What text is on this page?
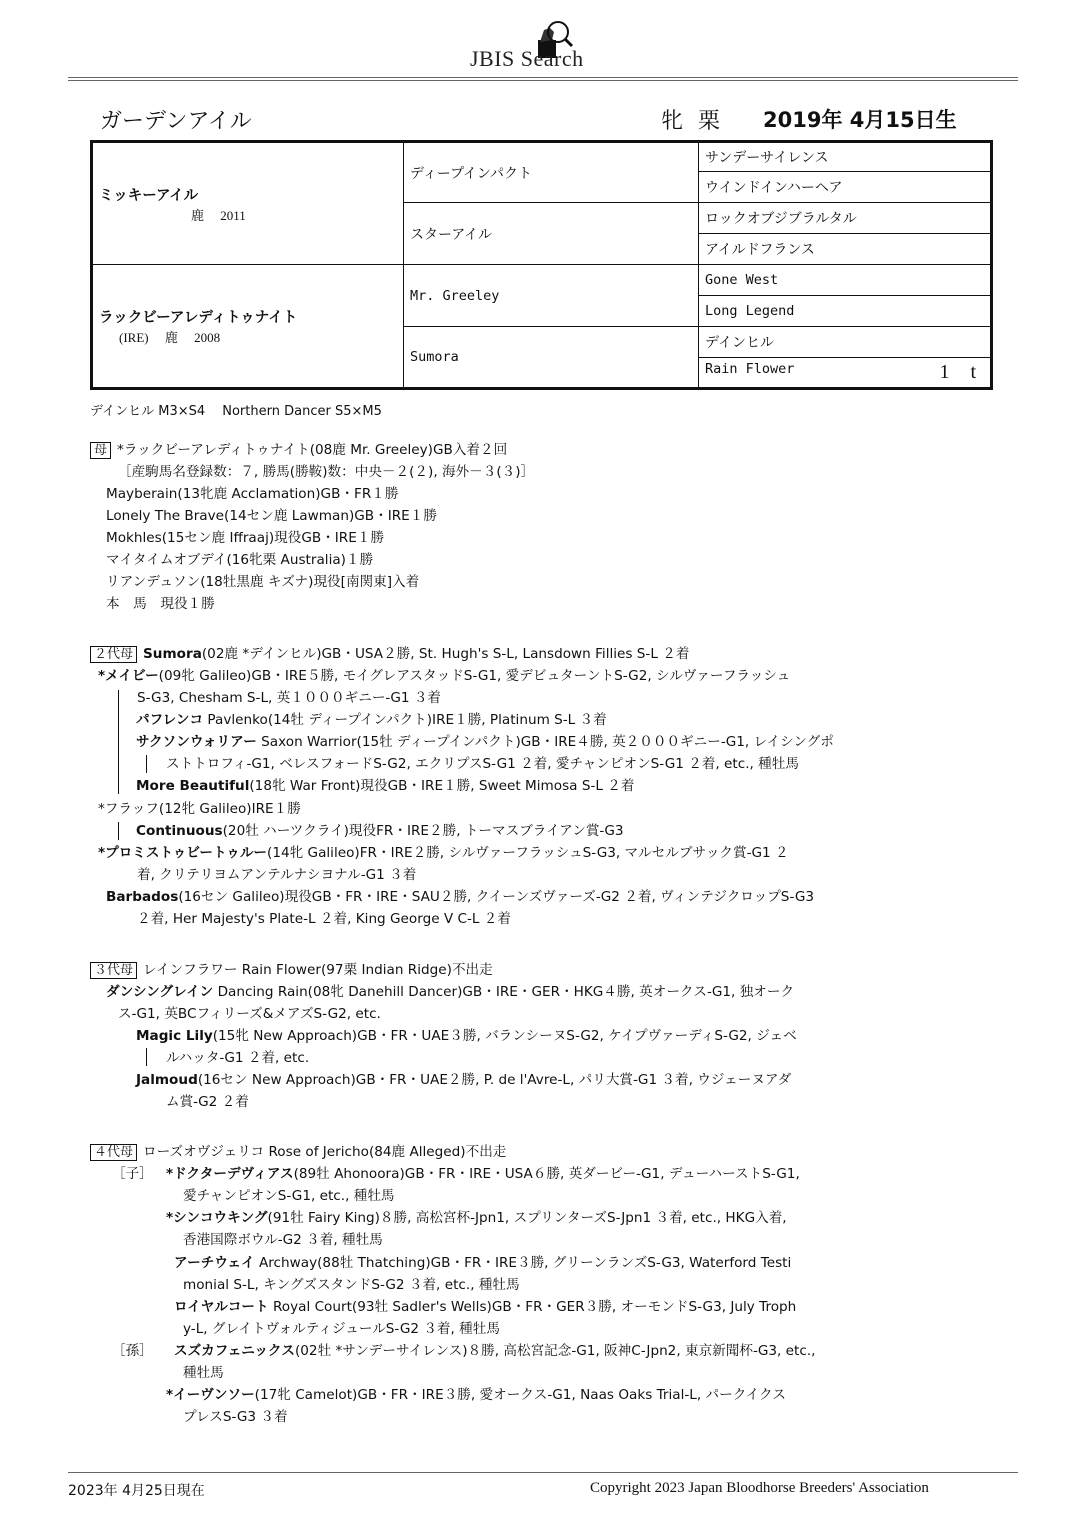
JBIS Search
ガーデンアイル	牝 栗 2019年 4月15日生
ミッキーアイル
鹿　 2011	ディープインパクト	サンデーサイレンス
		ウインドインハーヘア
	スターアイル	ロックオブジブラルタル
		アイルドフランス

ラックビーアレディトゥナイト
(IRE)　 鹿　 2008	Mr. Greeley	Gone West
		Long Legend
	Sumora	デインヒル
		Rain Flower 1 t
デインヒル M3×S4　 Northern Dancer S5×M5
母 *ラックビーアレディトゥナイト(08鹿 Mr. Greeley)GB入着２回
［産駒馬名登録数：７, 勝馬(勝鞍)数：中央－２(２), 海外－３(３)］
Mayberain(13牝鹿 Acclamation)GB・FR１勝
Lonely The Brave(14セン鹿 Lawman)GB・IRE１勝
Mokhles(15セン鹿 Iffraaj)現役GB・IRE１勝
マイタイムオブデイ(16牝栗 Australia)１勝
リアンデュソン(18牡黒鹿 キズナ)現役[南関東]入着
本　馬　現役１勝
２代母 Sumora(02鹿 *デインヒル)GB・USA２勝, St. Hugh's S-L, Lansdown Fillies S-L ２着
*メイビー(09牝 Galileo)GB・IRE５勝, モイグレアスタッドS-G1, 愛デビュターントS-G2, シルヴァーフラッシュ
S-G3, Chesham S-L, 英１０００ギニー-G1 ３着
パフレンコ Pavlenko(14牡 ディープインパクト)IRE１勝, Platinum S-L ３着
サクソンウォリアー Saxon Warrior(15牡 ディープインパクト)GB・IRE４勝, 英２０００ギニー-G1, レイシングポ
ストトロフィ-G1, ベレスフォードS-G2, エクリプスS-G1 ２着, 愛チャンピオンS-G1 ２着, etc., 種牡馬
More Beautiful(18牝 War Front)現役GB・IRE１勝, Sweet Mimosa S-L ２着
*フラッフ(12牝 Galileo)IRE１勝
Continuous(20牡 ハーツクライ)現役FR・IRE２勝, トーマスブライアン賞-G3
*プロミストゥビートゥルー(14牝 Galileo)FR・IRE２勝, シルヴァーフラッシュS-G3, マルセルブサック賞-G1 ２
着, クリテリヨムアンテルナシヨナル-G1 ３着
Barbados(16セン Galileo)現役GB・FR・IRE・SAU２勝, クイーンズヴァーズ-G2 ２着, ヴィンテジクロップS-G3
２着, Her Majesty's Plate-L ２着, King George V C-L ２着
３代母 レインフラワー Rain Flower(97栗 Indian Ridge)不出走
ダンシングレイン Dancing Rain(08牝 Danehill Dancer)GB・IRE・GER・HKG４勝, 英オークス-G1, 独オーク
ス-G1, 英BCフィリーズ&メアズS-G2, etc.
Magic Lily(15牝 New Approach)GB・FR・UAE３勝, バランシーヌS-G2, ケイプヴァーディS-G2, ジェベ
ルハッタ-G1 ２着, etc.
Jalmoud(16セン New Approach)GB・FR・UAE２勝, P. de l'Avre-L, パリ大賞-G1 ３着, ウジェーヌアダ
ム賞-G2 ２着
４代母 ローズオヴジェリコ Rose of Jericho(84鹿 Alleged)不出走
［子］ *ドクターデヴィアス(89牡 Ahonoora)GB・FR・IRE・USA６勝, 英ダービー-G1, デューハーストS-G1,
愛チャンピオンS-G1, etc., 種牡馬
*シンコウキング(91牡 Fairy King)８勝, 高松宮杯-Jpn1, スプリンターズS-Jpn1 ３着, etc., HKG入着,
香港国際ボウル-G2 ３着, 種牡馬
アーチウェイ Archway(88牡 Thatching)GB・FR・IRE３勝, グリーンランズS-G3, Waterford Testi
monial S-L, キングズスタンドS-G2 ３着, etc., 種牡馬
ロイヤルコート Royal Court(93牡 Sadler's Wells)GB・FR・GER３勝, オーモンドS-G3, July Troph
y-L, グレイトヴォルティジュールS-G2 ３着, 種牡馬
［孫］ スズカフェニックス(02牡 *サンデーサイレンス)８勝, 高松宮記念-G1, 阪神C-Jpn2, 東京新聞杯-G3, etc.,
種牡馬
*イーヴンソー(17牝 Camelot)GB・FR・IRE３勝, 愛オークス-G1, Naas Oaks Trial-L, パークイクス
プレスS-G3 ３着
2023年 4月25日現在	Copyright 2023 Japan Bloodhorse Breeders' Association
